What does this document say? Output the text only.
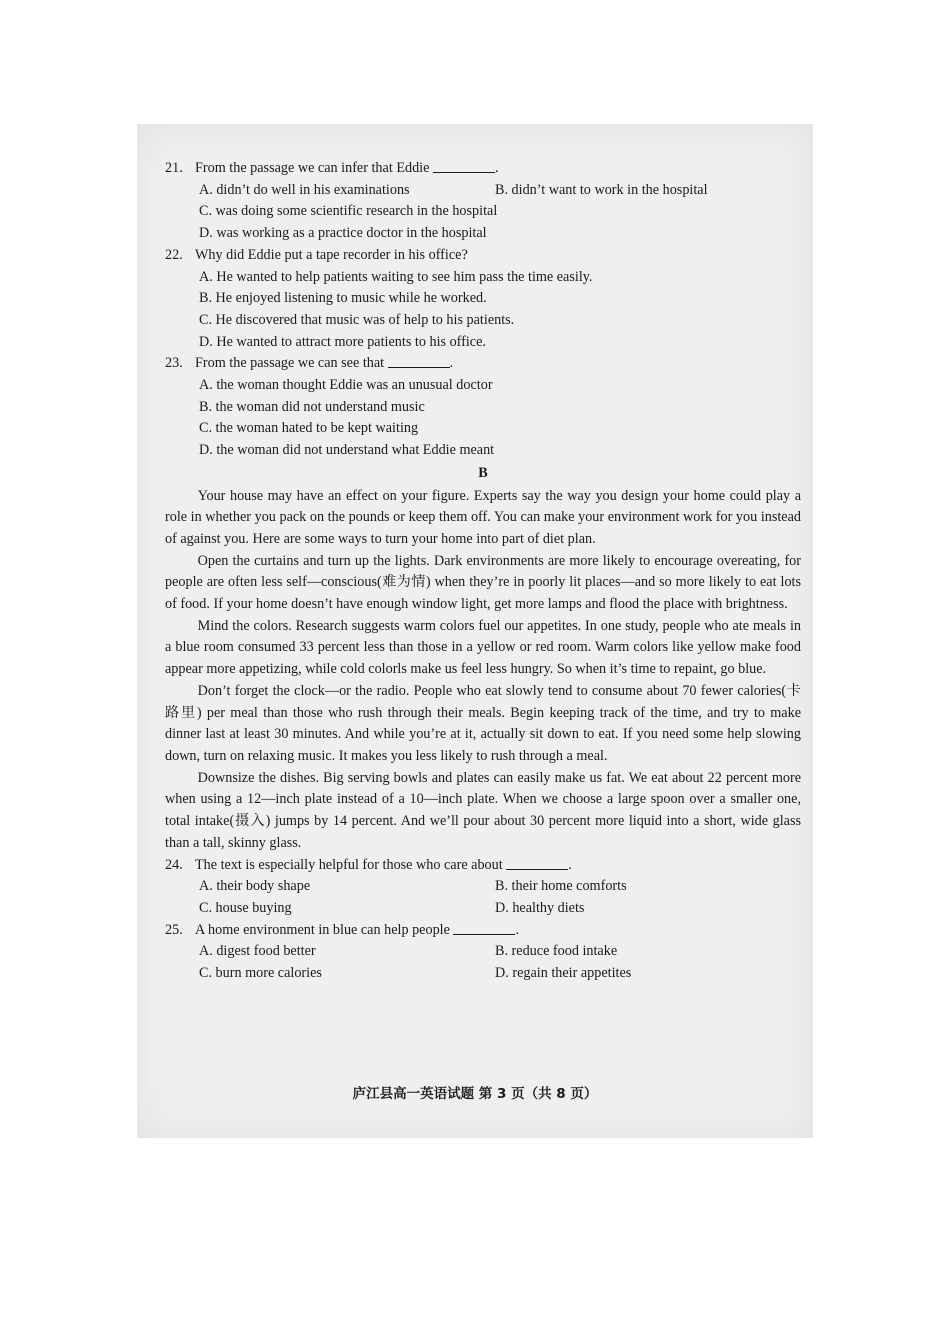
21. From the passage we can infer that Eddie
	.
A. didn’t do well in his examinations	B. didn’t want to work in the hospital
C. was doing some scientific research in the hospital
D. was working as a practice doctor in the hospital
22. Why did Eddie put a tape recorder in his office?
A. He wanted to help patients waiting to see him pass the time easily.
B. He enjoyed listening to music while he worked.
C. He discovered that music was of help to his patients.
D. He wanted to attract more patients to his office.
23. From the passage we can see that
	.
A. the woman thought Eddie was an unusual doctor
B. the woman did not understand music
C. the woman hated to be kept waiting
D. the woman did not understand what Eddie meant
B
Your house may have an effect on your figure. Experts say the way you design your home could play a role in whether you pack on the pounds or keep them off. You can make your environment work for you instead of against you. Here are some ways to turn your home into part of diet plan.
Open the curtains and turn up the lights. Dark environments are more likely to encourage overeating, for people are often less self—conscious(难为情) when they’re in poorly lit places—and so more likely to eat lots of food. If your home doesn’t have enough window light, get more lamps and flood the place with brightness.
Mind the colors. Research suggests warm colors fuel our appetites. In one study, people who ate meals in a blue room consumed 33 percent less than those in a yellow or red room. Warm colors like yellow make food appear more appetizing, while cold colorls make us feel less hungry. So when it’s time to repaint, go blue.
Don’t forget the clock—or the radio. People who eat slowly tend to consume about 70 fewer calories(卡路里) per meal than those who rush through their meals. Begin keeping track of the time, and try to make dinner last at least 30 minutes. And while you’re at it, actually sit down to eat. If you need some help slowing down, turn on relaxing music. It makes you less likely to rush through a meal.
Downsize the dishes. Big serving bowls and plates can easily make us fat. We eat about 22 percent more when using a 12—inch plate instead of a 10—inch plate. When we choose a large spoon over a smaller one, total intake(摄入) jumps by 14 percent. And we’ll pour about 30 percent more liquid into a short, wide glass than a tall, skinny glass.
24. The text is especially helpful for those who care about
	.
A. their body shape	B. their home comforts
C. house buying	D. healthy diets
25. A home environment in blue can help people
	.
A. digest food better	B. reduce food intake
C. burn more calories	D. regain their appetites
庐江县高一英语试题 第 3 页（共 8 页）
